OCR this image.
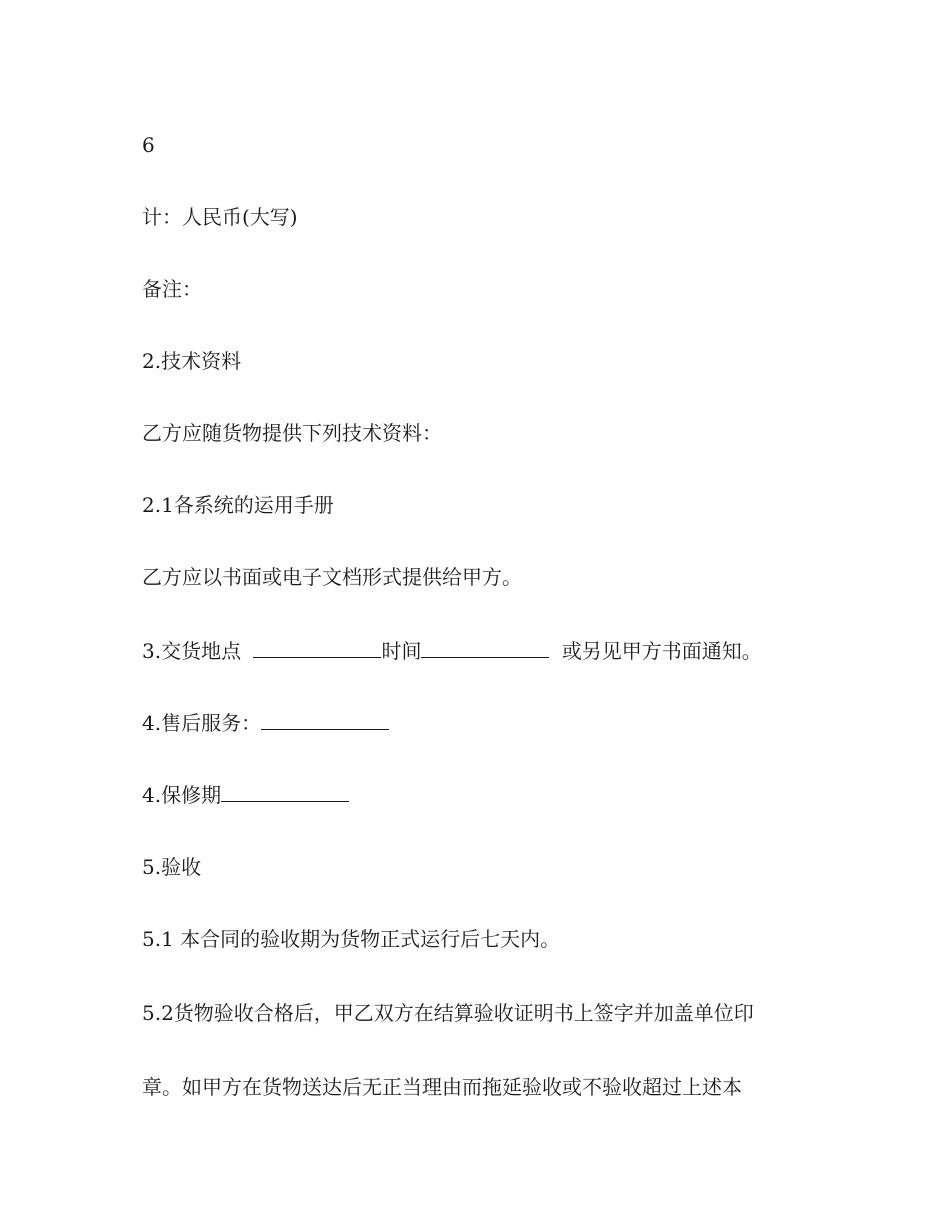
6
计：人民币(大写)
备注：
2.技术资料
乙方应随货物提供下列技术资料：
2.1各系统的运用手册
乙方应以书面或电子文档形式提供给甲方。
3.交货地点	时间	或另见甲方书面通知。
4.售后服务：
4.保修期
5.验收
5.1 本合同的验收期为货物正式运行后七天内。
5.2货物验收合格后，甲乙双方在结算验收证明书上签字并加盖单位印
章。如甲方在货物送达后无正当理由而拖延验收或不验收超过上述本
